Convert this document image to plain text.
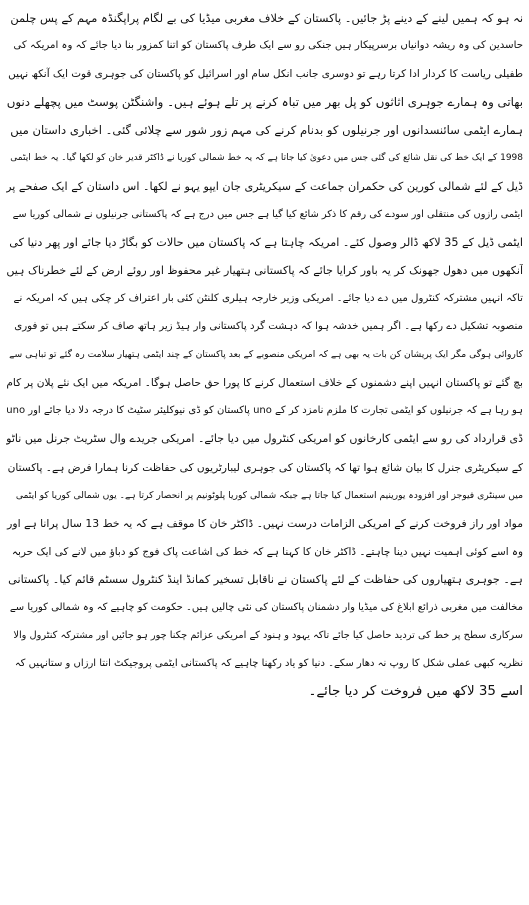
نہ ہو کہ ہمیں لینے کے دینے پڑ جائیں۔ پاکستان کے خلاف مغربی میڈیا کی بے لگام پراپگنڈہ مہم کے پس چلمن
حاسدین کی وہ ریشہ دوانیاں برسرپیکار ہیں جنکی رو سے ایک طرف پاکستان کو اتنا کمزور بنا دیا جائے کہ وہ امریکہ کی
طفیلی ریاست کا کردار ادا کرتا رہے تو دوسری جانب انکل سام اور اسرائیل کو پاکستان کی جوہری قوت ایک آنکھ نہیں
بھاتی وہ ہمارے جوہری اثاثوں کو پل بھر میں تباہ کرنے پر تلے ہوئے ہیں۔ واشنگٹن پوسٹ میں پچھلے دنوں
ہمارے ایٹمی سائنسدانوں اور جرنیلوں کو بدنام کرنے کی مہم زور شور سے چلائی گئی۔ اخباری داستان میں
1998 کے ایک خط کی نقل شائع کی گئی جس میں دعویٰ کیا جاتا ہے کہ یہ خط شمالی کوریا نے ڈاکٹر قدیر خان کو لکھا گیا۔ یہ خط ایٹمی
ڈیل کے لئے شمالی کورین کی حکمران جماعت کے سیکریٹری جان ایپو یہو نے لکھا۔ اس داستان کے ایک صفحے پر
ایٹمی رازوں کی منتقلی اور سودے کی رقم کا ذکر شائع کیا گیا ہے جس میں درج ہے کہ پاکستانی جرنیلوں نے شمالی کوریا سے
ایٹمی ڈیل کے 35 لاکھ ڈالر وصول کئے۔ امریکہ چاہتا ہے کہ پاکستان میں حالات کو بگاڑ دیا جائے اور پھر دنیا کی
آنکھوں میں دھول جھونک کر یہ باور کرایا جائے کہ پاکستانی ہتھیار غیر محفوظ اور روئے ارض کے لئے خطرناک ہیں
تاکہ انہیں مشترکہ کنٹرول میں دے دیا جائے۔ امریکی وزیر خارجہ ہیلری کلنٹن کئی بار اعتراف کر چکی ہیں کہ امریکہ نے
منصوبہ تشکیل دے رکھا ہے۔ اگر ہمیں خدشہ ہوا کہ دہشت گرد پاکستانی وار ہیڈ زیر ہاتھ صاف کر سکتے ہیں تو فوری
کاروائی ہوگی مگر ایک پریشان کن بات یہ بھی ہے کہ امریکی منصوبے کے بعد پاکستان کے چند ایٹمی ہتھیار سلامت رہ گئے تو تباہی سے
بچ گئے تو پاکستان انہیں اپنے دشمنوں کے خلاف استعمال کرنے کا پورا حق حاصل ہوگا۔ امریکہ میں ایک نئے پلان پر کام
ہو رہا ہے کہ جرنیلوں کو ایٹمی تجارت کا ملزم نامزد کر کے uno پاکستان کو ڈی نیوکلیئر سٹیٹ کا درجہ دلا دیا جائے اور uno
ڈی قرارداد کی رو سے ایٹمی کارخانوں کو امریکی کنٹرول میں دیا جائے۔ امریکی جریدے وال سٹریٹ جرنل میں ناٹو
کے سیکریٹری جنرل کا بیان شائع ہوا تھا کہ پاکستان کی جوہری لیبارٹریوں کی حفاظت کرنا ہمارا فرض ہے۔ پاکستان
میں سینٹری فیوجز اور افزودہ یورینیم استعمال کیا جاتا ہے جبکہ شمالی کوریا پلوٹونیم پر انحصار کرتا ہے۔ یوں شمالی کوریا کو ایٹمی
مواد اور راز فروخت کرنے کے امریکی الزامات درست نہیں۔ ڈاکٹر خان کا موقف ہے کہ یہ خط 13 سال پرانا ہے اور
وہ اسے کوئی اہمیت نہیں دینا چاہتے۔ ڈاکٹر خان کا کہنا ہے کہ خط کی اشاعت پاک فوج کو دباؤ میں لانے کی ایک حربہ
ہے۔ جوہری ہتھیاروں کی حفاظت کے لئے پاکستان نے ناقابل تسخیر کمانڈ اینڈ کنٹرول سسٹم قائم کیا۔ پاکستانی
مخالفت میں مغربی ذرائع ابلاغ کی میڈیا وار دشمنان پاکستان کی نئی چالیں ہیں۔ حکومت کو چاہیے کہ وہ شمالی کوریا سے
سرکاری سطح پر خط کی تردید حاصل کیا جائے تاکہ یہود و ہنود کے امریکی عزائم چکنا چور ہو جائیں اور مشترکہ کنٹرول والا
نظریہ کبھی عملی شکل کا روپ نہ دھار سکے۔ دنیا کو یاد رکھنا چاہیے کہ پاکستانی ایٹمی پروجیکٹ انتا ارزاں و ستانہیں کہ
اسے 35 لاکھ میں فروخت کر دیا جائے۔
